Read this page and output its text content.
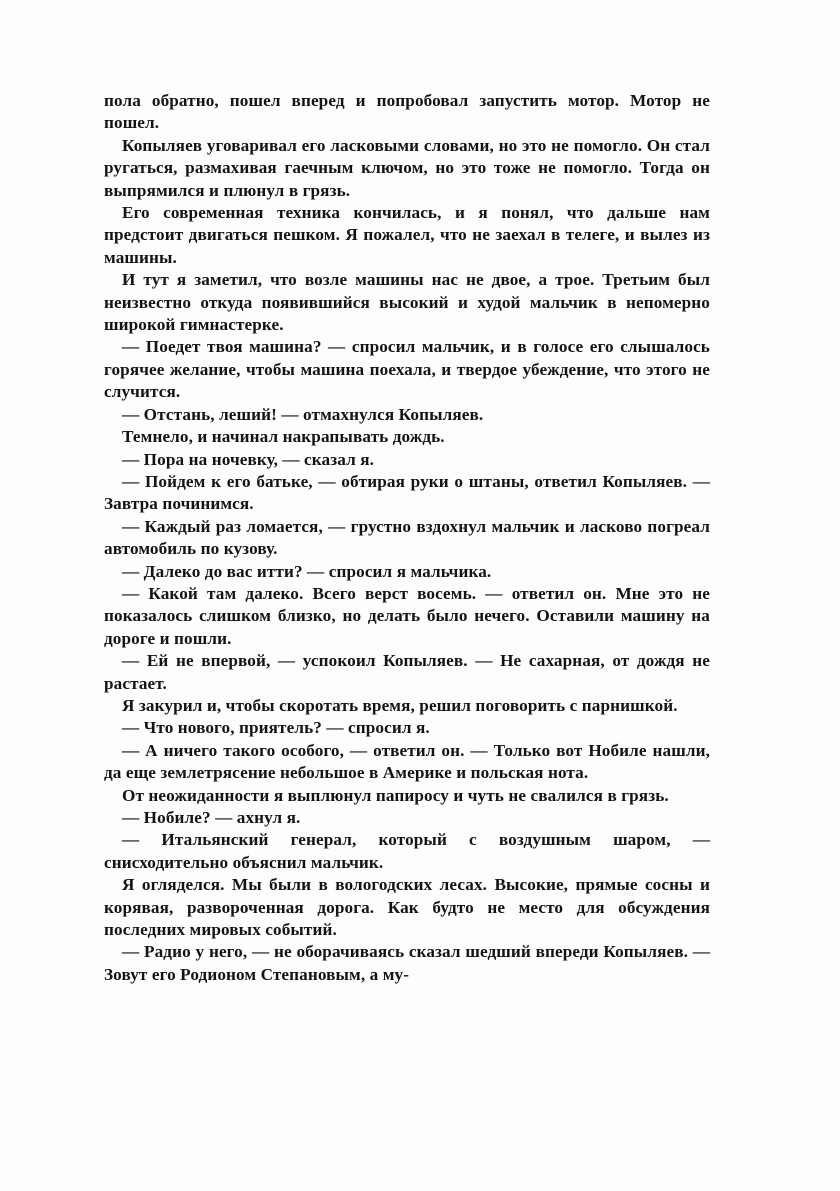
пола обратно, пошел вперед и попробовал запустить мотор. Мотор не пошел.

Копыляев уговаривал его ласковыми словами, но это не помогло. Он стал ругаться, размахивая гаечным ключом, но это тоже не помогло. Тогда он выпрямился и плюнул в грязь.

Его современная техника кончилась, и я понял, что дальше нам предстоит двигаться пешком. Я пожалел, что не заехал в телеге, и вылез из машины.

И тут я заметил, что возле машины нас не двое, а трое. Третьим был неизвестно откуда появившийся высокий и худой мальчик в непомерно широкой гимнастерке.

— Поедет твоя машина? — спросил мальчик, и в голосе его слышалось горячее желание, чтобы машина поехала, и твердое убеждение, что этого не случится.

— Отстань, леший! — отмахнулся Копыляев.

Темнело, и начинал накрапывать дождь.

— Пора на ночевку, — сказал я.

— Пойдем к его батьке, — обтирая руки о штаны, ответил Копыляев. — Завтра починимся.

— Каждый раз ломается, — грустно вздохнул мальчик и ласково погреал автомобиль по кузову.

— Далеко до вас итти? — спросил я мальчика.

— Какой там далеко. Всего верст восемь. — ответил он. Мне это не показалось слишком близко, но делать было нечего. Оставили машину на дороге и пошли.

— Ей не впервой, — успокоил Копыляев. — Не сахарная, от дождя не растает.

Я закурил и, чтобы скоротать время, решил поговорить с парнишкой.

— Что нового, приятель? — спросил я.

— А ничего такого особого, — ответил он. — Только вот Нобиле нашли, да еще землетрясение небольшое в Америке и польская нота.

От неожиданности я выплюнул папиросу и чуть не свалился в грязь.

— Нобиле? — ахнул я.

— Итальянский генерал, который с воздушным шаром, — снисходительно объяснил мальчик.

Я огляделся. Мы были в вологодских лесах. Высокие, прямые сосны и корявая, развороченная дорога. Как будто не место для обсуждения последних мировых событий.

— Радио у него, — не оборачиваясь сказал шедший впереди Копыляев. — Зовут его Родионом Степановым, а му-
